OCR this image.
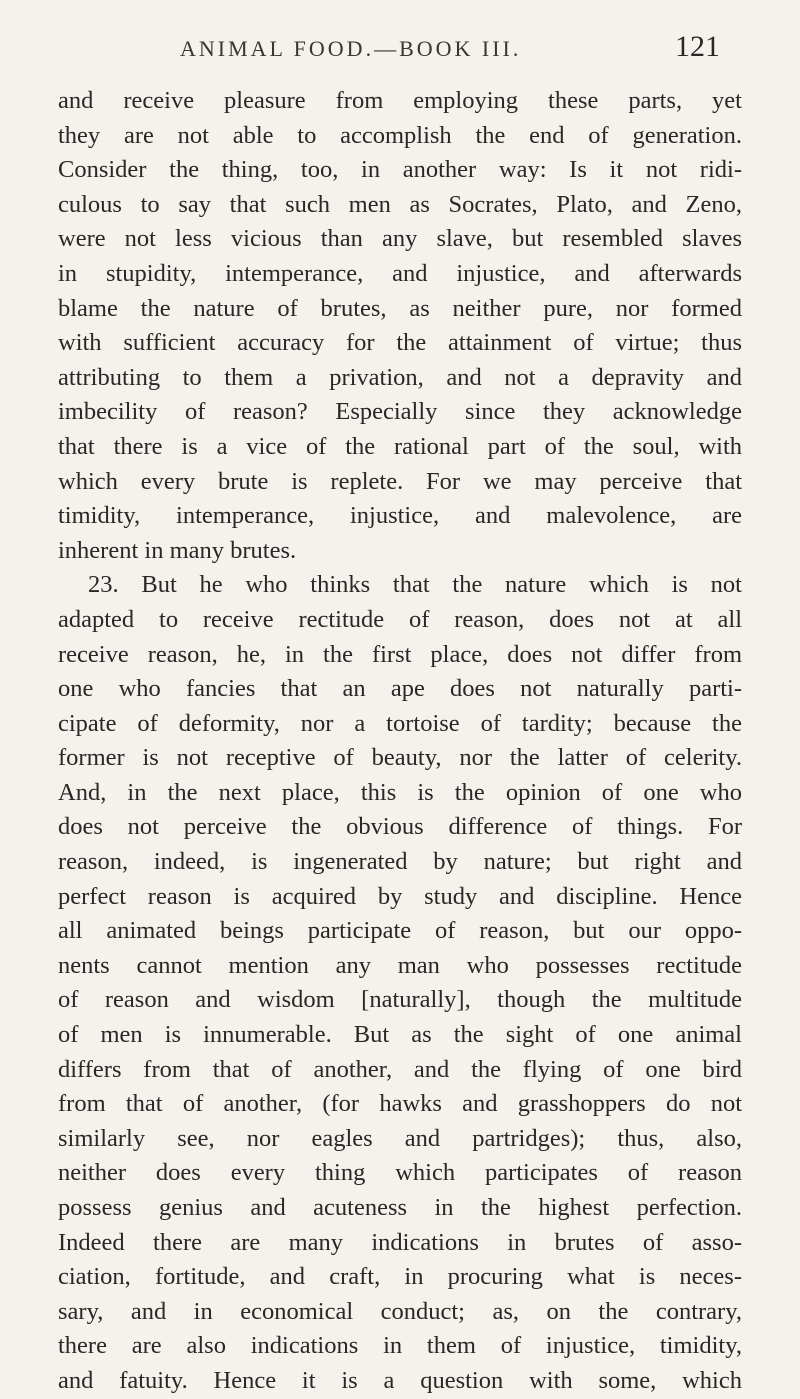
ANIMAL FOOD.—BOOK III.	121
and receive pleasure from employing these parts, yet
they are not able to accomplish the end of generation.
Consider the thing, too, in another way: Is it not ridi-
culous to say that such men as Socrates, Plato, and Zeno,
were not less vicious than any slave, but resembled slaves
in stupidity, intemperance, and injustice, and afterwards
blame the nature of brutes, as neither pure, nor formed
with sufficient accuracy for the attainment of virtue; thus
attributing to them a privation, and not a depravity and
imbecility of reason? Especially since they acknowledge
that there is a vice of the rational part of the soul, with
which every brute is replete. For we may perceive that
timidity, intemperance, injustice, and malevolence, are
inherent in many brutes.
23. But he who thinks that the nature which is not
adapted to receive rectitude of reason, does not at all
receive reason, he, in the first place, does not differ from
one who fancies that an ape does not naturally parti-
cipate of deformity, nor a tortoise of tardity; because the
former is not receptive of beauty, nor the latter of celerity.
And, in the next place, this is the opinion of one who
does not perceive the obvious difference of things. For
reason, indeed, is ingenerated by nature; but right and
perfect reason is acquired by study and discipline. Hence
all animated beings participate of reason, but our oppo-
nents cannot mention any man who possesses rectitude
of reason and wisdom [naturally], though the multitude
of men is innumerable. But as the sight of one animal
differs from that of another, and the flying of one bird
from that of another, (for hawks and grasshoppers do not
similarly see, nor eagles and partridges); thus, also,
neither does every thing which participates of reason
possess genius and acuteness in the highest perfection.
Indeed there are many indications in brutes of asso-
ciation, fortitude, and craft, in procuring what is neces-
sary, and in economical conduct; as, on the contrary,
there are also indications in them of injustice, timidity,
and fatuity. Hence it is a question with some, which
